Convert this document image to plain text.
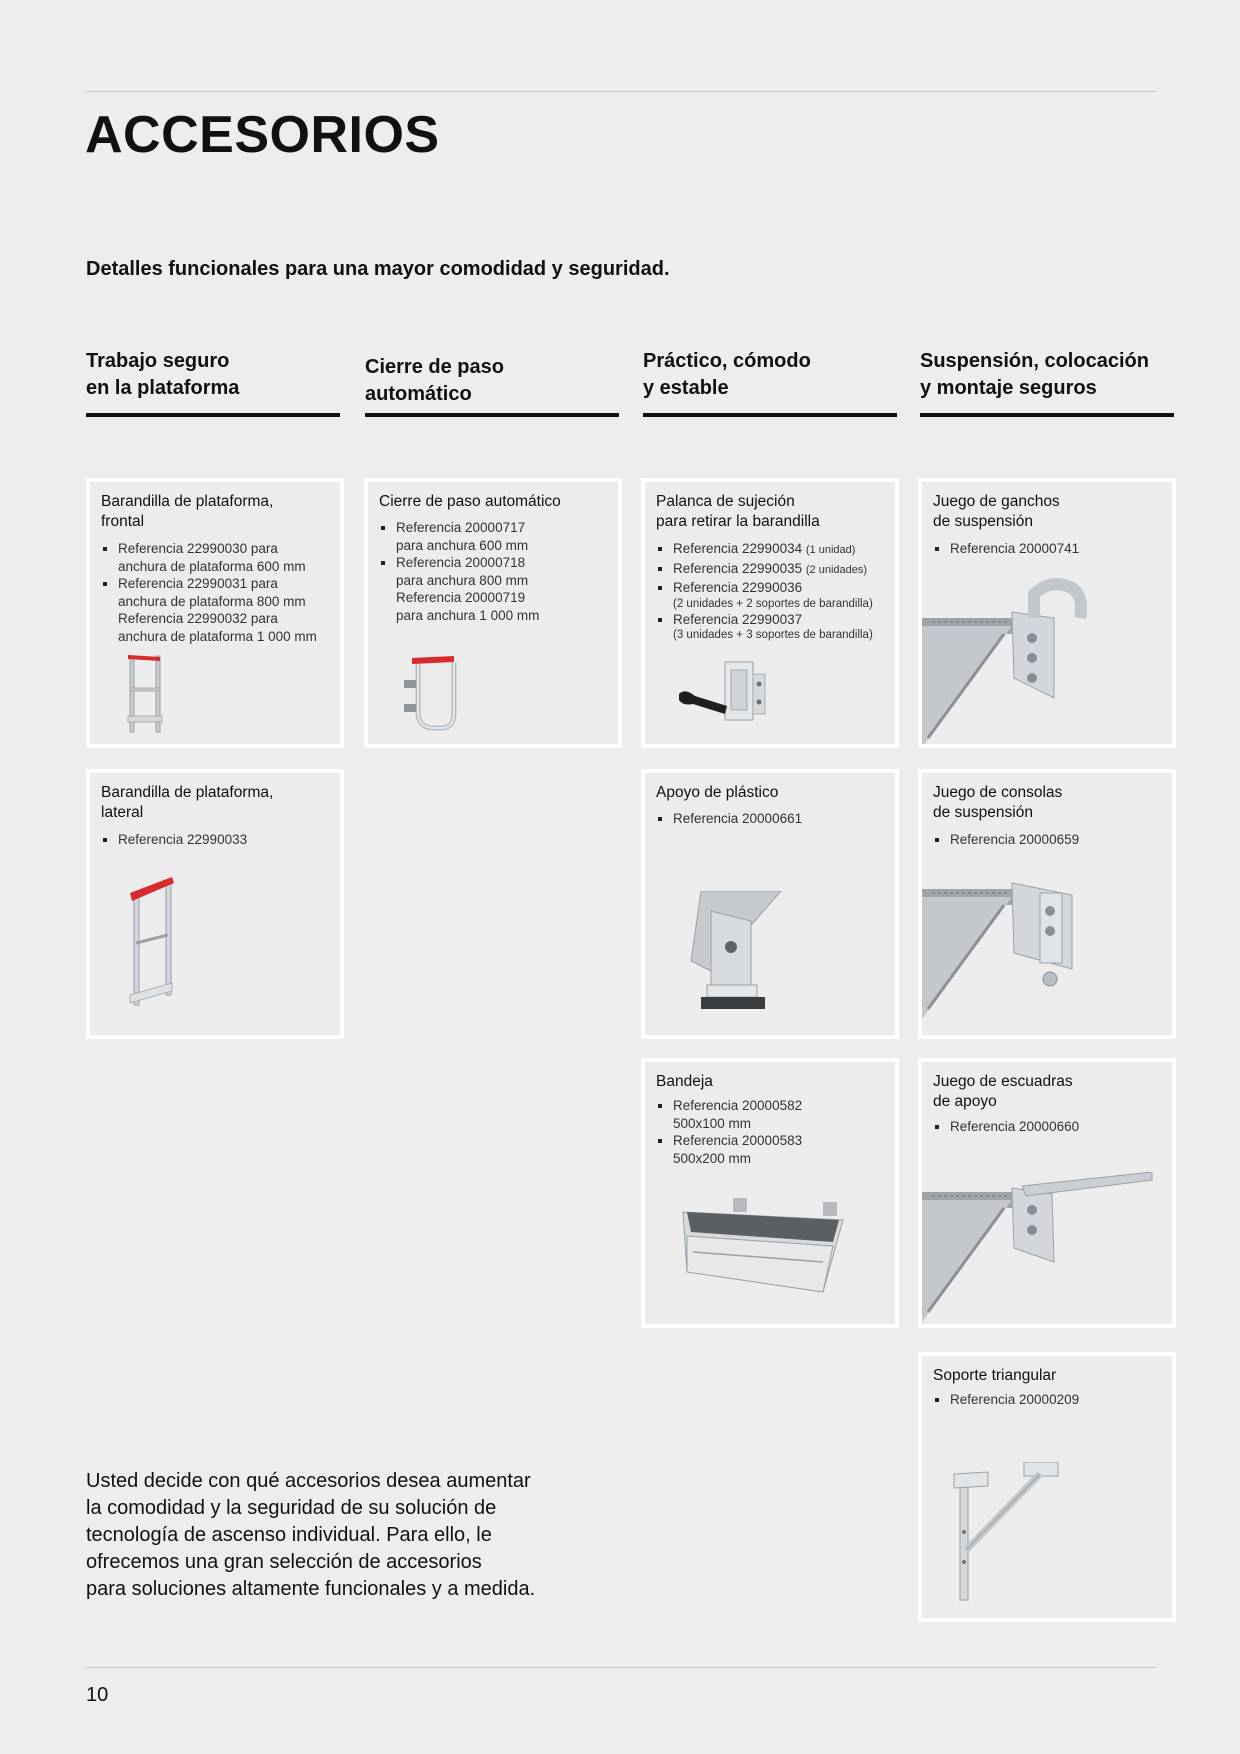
ACCESORIOS
Detalles funcionales para una mayor comodidad y seguridad.
Trabajo seguro
en la plataforma
Cierre de paso
automático
Práctico, cómodo
y estable
Suspensión, colocación
y montaje seguros
Barandilla de plataforma,
frontal
Referencia 22990030 para
anchura de plataforma 600 mm
Referencia 22990031 para
anchura de plataforma 800 mm
Referencia 22990032 para
anchura de plataforma 1 000 mm
Cierre de paso automático
Referencia 20000717
para anchura 600 mm
Referencia 20000718
para anchura 800 mm
Referencia 20000719
para anchura 1 000 mm
Palanca de sujeción
para retirar la barandilla
Referencia 22990034 (1 unidad)
Referencia 22990035 (2 unidades)
Referencia 22990036
(2 unidades + 2 soportes de barandilla)
Referencia 22990037
(3 unidades + 3 soportes de barandilla)
Juego de ganchos
de suspensión
Referencia 20000741
Barandilla de plataforma,
lateral
Referencia 22990033
Apoyo de plástico
Referencia 20000661
Juego de consolas
de suspensión
Referencia 20000659
Bandeja
Referencia 20000582
500x100 mm
Referencia 20000583
500x200 mm
Juego de escuadras
de apoyo
Referencia 20000660
Soporte triangular
Referencia 20000209
Usted decide con qué accesorios desea aumentar
la comodidad y la seguridad de su solución de
tecnología de ascenso individual. Para ello, le
ofrecemos una gran selección de accesorios
para soluciones altamente funcionales y a medida.
10
